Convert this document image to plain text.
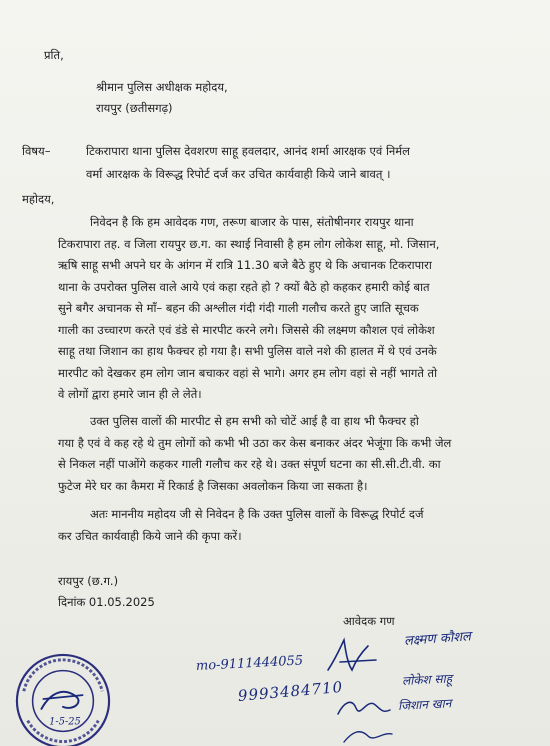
प्रति,
श्रीमान पुलिस अधीक्षक महोदय,
रायपुर (छतीसगढ़)
विषय–	टिकरापारा थाना पुलिस देवशरण साहू हवलदार, आनंद शर्मा आरक्षक एवं निर्मल
वर्मा आरक्षक के विरूद्ध रिपोर्ट दर्ज कर उचित कार्यवाही किये जाने बावत् ।
महोदय,

निवेदन है कि हम आवेदक गण, तरूण बाजार के पास, संतोषीनगर रायपुर थाना

टिकरापारा तह. व जिला रायपुर छ.ग. का स्थाई निवासी है हम लोग लोकेश साहू, मो. जिसान,

ऋषि साहू सभी अपने घर के आंगन में रात्रि 11.30 बजे बैठे हुए थे कि अचानक टिकरापारा

थाना के उपरोक्त पुलिस वाले आये एवं कहा रहते हो ? क्यों बैठे हो कहकर हमारी कोई बात

सुने बगैर अचानक से माँ– बहन की अश्लील गंदी गंदी गाली गलौच करते हुए जाति सूचक

गाली का उच्चारण करते एवं डंडे से मारपीट करने लगे। जिससे की लक्ष्मण कौशल एवं लोकेश

साहू तथा जिशान का हाथ फैक्चर हो गया है। सभी पुलिस वाले नशे की हालत में थे एवं उनके

मारपीट को देखकर हम लोग जान बचाकर वहां से भागे। अगर हम लोग वहां से नहीं भागते तो

वे लोगों द्वारा हमारे जान ही ले लेते।

उक्त पुलिस वालों की मारपीट से हम सभी को चोटें आई है वा हाथ भी फैक्चर हो

गया है एवं वे कह रहे थे तुम लोगों को कभी भी उठा कर केस बनाकर अंदर भेजूंगा कि कभी जेल

से निकल नहीं पाओंगे कहकर गाली गलौच कर रहे थे। उक्त संपूर्ण घटना का सी.सी.टी.वी. का

फुटेज मेरे घर का कैमरा में रिकार्ड है जिसका अवलोकन किया जा सकता है।

अतः माननीय महोदय जी से निवेदन है कि उक्त पुलिस वालों के विरूद्ध रिपोर्ट दर्ज

कर उचित कार्यवाही किये जाने की कृपा करें।

रायपुर (छ.ग.)
दिनांक 01.05.2025
आवेदक गण
mo-9111444055
लक्ष्मण कौशल
लोकेश साहू
9993484710	जिशान खान
1-5-25
